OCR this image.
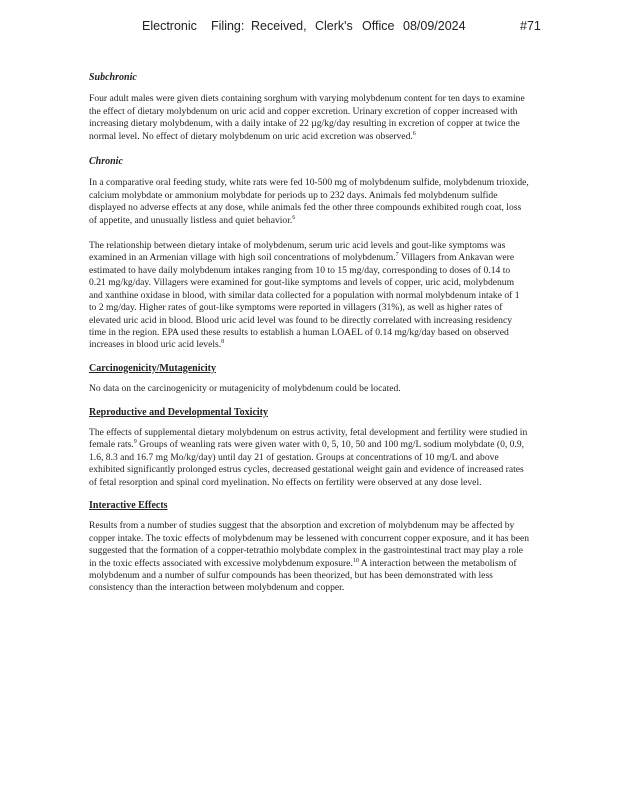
Electronic Filing: Received, Clerk's Office 08/09/2024	#71
Subchronic

Four adult males were given diets containing sorghum with varying molybdenum content for ten days to examine the effect of dietary molybdenum on uric acid and copper excretion. Urinary excretion of copper increased with increasing dietary molybdenum, with a daily intake of 22 µg/kg/day resulting in excretion of copper at twice the normal level. No effect of dietary molybdenum on uric acid excretion was observed.$^6$

Chronic

In a comparative oral feeding study, white rats were fed 10-500 mg of molybdenum sulfide, molybdenum trioxide, calcium molybdate or ammonium molybdate for periods up to 232 days. Animals fed molybdenum sulfide displayed no adverse effects at any dose, while animals fed the other three compounds exhibited rough coat, loss of appetite, and unusually listless and quiet behavior.$^6$

The relationship between dietary intake of molybdenum, serum uric acid levels and gout-like symptoms was examined in an Armenian village with high soil concentrations of molybdenum.$^7$ Villagers from Ankavan were estimated to have daily molybdenum intakes ranging from 10 to 15 mg/day, corresponding to doses of 0.14 to 0.21 mg/kg/day. Villagers were examined for gout-like symptoms and levels of copper, uric acid, molybdenum and xanthine oxidase in blood, with similar data collected for a population with normal molybdenum intake of 1 to 2 mg/day. Higher rates of gout-like symptoms were reported in villagers (31%), as well as higher rates of elevated uric acid in blood. Blood uric acid level was found to be directly correlated with increasing residency time in the region. EPA used these results to establish a human LOAEL of 0.14 mg/kg/day based on observed increases in blood uric acid levels.$^8$

Carcinogenicity/Mutagenicity

No data on the carcinogenicity or mutagenicity of molybdenum could be located.

Reproductive and Developmental Toxicity

The effects of supplemental dietary molybdenum on estrus activity, fetal development and fertility were studied in female rats.$^9$ Groups of weanling rats were given water with 0, 5, 10, 50 and 100 mg/L sodium molybdate (0, 0.9, 1.6, 8.3 and 16.7 mg Mo/kg/day) until day 21 of gestation. Groups at concentrations of 10 mg/L and above exhibited significantly prolonged estrus cycles, decreased gestational weight gain and evidence of increased rates of fetal resorption and spinal cord myelination. No effects on fertility were observed at any dose level.

Interactive Effects

Results from a number of studies suggest that the absorption and excretion of molybdenum may be affected by copper intake. The toxic effects of molybdenum may be lessened with concurrent copper exposure, and it has been suggested that the formation of a copper-tetrathio molybdate complex in the gastrointestinal tract may play a role in the toxic effects associated with excessive molybdenum exposure.$^{10}$ A interaction between the metabolism of molybdenum and a number of sulfur compounds has been theorized, but has been demonstrated with less consistency than the interaction between molybdenum and copper.
